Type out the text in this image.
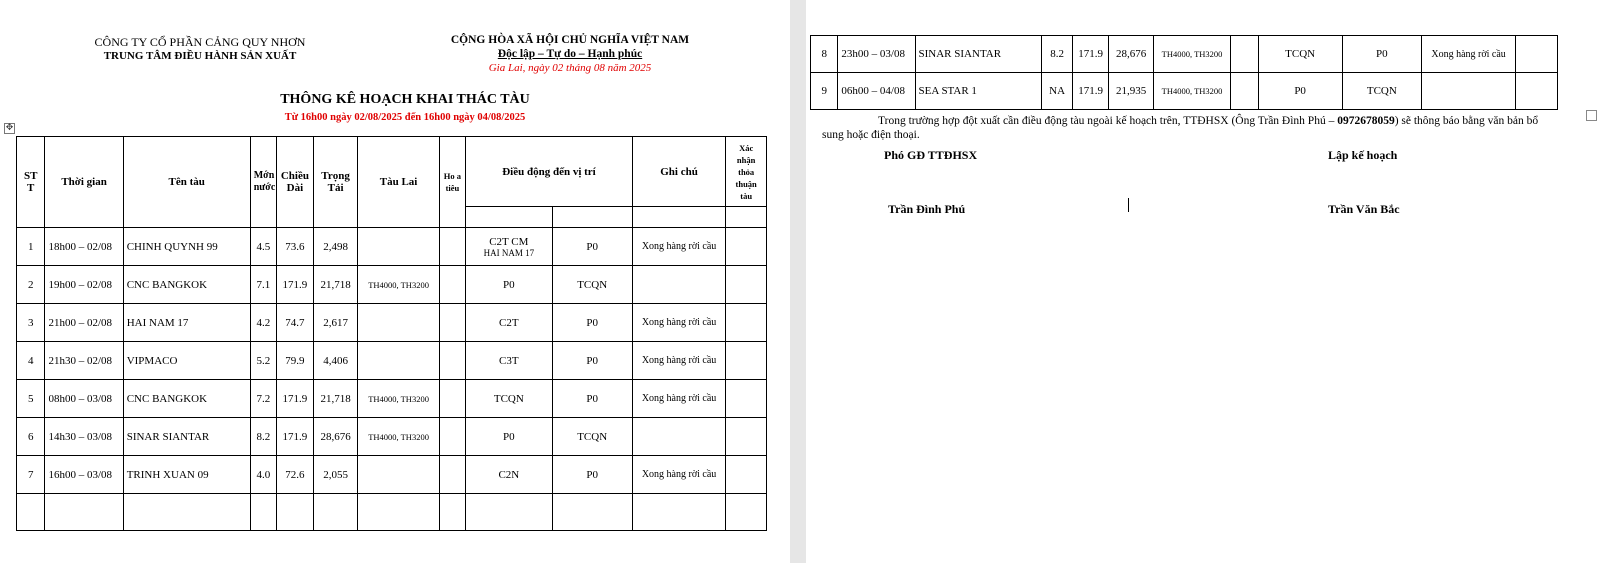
CÔNG TY CỔ PHẦN CẢNG QUY NHƠN
TRUNG TÂM ĐIỀU HÀNH SẢN XUẤT
CỘNG HÒA XÃ HỘI CHỦ NGHĨA VIỆT NAM
Độc lập – Tự do – Hạnh phúc
Gia Lai, ngày 02 tháng 08 năm 2025
THÔNG KÊ HOẠCH KHAI THÁC TÀU
Từ 16h00 ngày 02/08/2025 đến 16h00 ngày 04/08/2025
✥
ST T	Thời gian	Tên tàu	Mớn nước	Chiều Dài	Trọng Tải	Tàu Lai	Ho a tiêu	Điều động đến vị trí		Ghi chú	Xác nhận thỏa thuận tàu

1	18h00 – 02/08	CHINH QUYNH 99	4.5	73.6	2,498			C2T CM
HAI NAM 17	P0	Xong hàng rời cầu	
2	19h00 – 02/08	CNC BANGKOK	7.1	171.9	21,718	TH4000, TH3200		P0	TCQN		
3	21h00 – 02/08	HAI NAM 17	4.2	74.7	2,617			C2T	P0	Xong hàng rời cầu	
4	21h30 – 02/08	VIPMACO	5.2	79.9	4,406			C3T	P0	Xong hàng rời cầu	
5	08h00 – 03/08	CNC BANGKOK	7.2	171.9	21,718	TH4000, TH3200		TCQN	P0	Xong hàng rời cầu	
6	14h30 – 03/08	SINAR SIANTAR	8.2	171.9	28,676	TH4000, TH3200		P0	TCQN		
7	16h00 – 03/08	TRINH XUAN 09	4.0	72.6	2,055			C2N	P0	Xong hàng rời cầu	

8	23h00 – 03/08	SINAR SIANTAR	8.2	171.9	28,676	TH4000, TH3200		TCQN	P0	Xong hàng rời cầu	
9	06h00 – 04/08	SEA STAR 1	NA	171.9	21,935	TH4000, TH3200		P0	TCQN		
Trong trường hợp đột xuất cần điều động tàu ngoài kế hoạch trên, TTĐHSX (Ông Trần Đình Phú – 0972678059) sẽ thông báo bằng văn bản bổ sung hoặc điện thoại.
Phó GĐ TTĐHSX	Lập kế hoạch
Trần Đình Phú	Trần Văn Bắc
